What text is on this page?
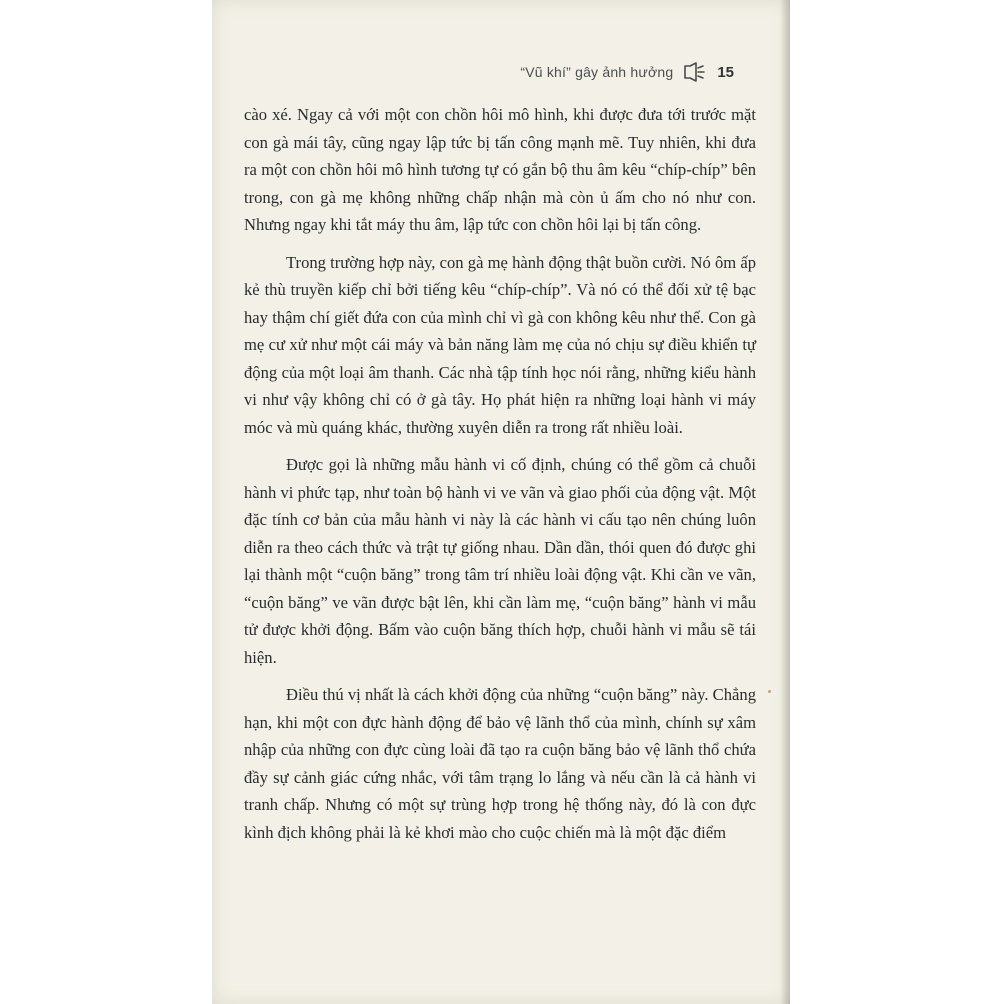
“Vũ khí” gây ảnh hưởng	15

cào xé. Ngay cả với một con chồn hôi mô hình, khi được đưa tới trước mặt con gà mái tây, cũng ngay lập tức bị tấn công mạnh mẽ. Tuy nhiên, khi đưa ra một con chồn hôi mô hình tương tự có gắn bộ thu âm kêu “chíp-chíp” bên trong, con gà mẹ không những chấp nhận mà còn ủ ấm cho nó như con. Nhưng ngay khi tắt máy thu âm, lập tức con chồn hôi lại bị tấn công.

Trong trường hợp này, con gà mẹ hành động thật buồn cười. Nó ôm ấp kẻ thù truyền kiếp chỉ bởi tiếng kêu “chíp-chíp”. Và nó có thể đối xử tệ bạc hay thậm chí giết đứa con của mình chỉ vì gà con không kêu như thế. Con gà mẹ cư xử như một cái máy và bản năng làm mẹ của nó chịu sự điều khiển tự động của một loại âm thanh. Các nhà tập tính học nói rằng, những kiểu hành vi như vậy không chỉ có ở gà tây. Họ phát hiện ra những loại hành vi máy móc và mù quáng khác, thường xuyên diễn ra trong rất nhiều loài.

Được gọi là những mẫu hành vi cố định, chúng có thể gồm cả chuỗi hành vi phức tạp, như toàn bộ hành vi ve vãn và giao phối của động vật. Một đặc tính cơ bản của mẫu hành vi này là các hành vi cấu tạo nên chúng luôn diễn ra theo cách thức và trật tự giống nhau. Dần dần, thói quen đó được ghi lại thành một “cuộn băng” trong tâm trí nhiều loài động vật. Khi cần ve vãn, “cuộn băng” ve vãn được bật lên, khi cần làm mẹ, “cuộn băng” hành vi mẫu tử được khởi động. Bấm vào cuộn băng thích hợp, chuỗi hành vi mẫu sẽ tái hiện.

Điều thú vị nhất là cách khởi động của những “cuộn băng” này. Chẳng hạn, khi một con đực hành động để bảo vệ lãnh thổ của mình, chính sự xâm nhập của những con đực cùng loài đã tạo ra cuộn băng bảo vệ lãnh thổ chứa đầy sự cảnh giác cứng nhắc, với tâm trạng lo lắng và nếu cần là cả hành vi tranh chấp. Nhưng có một sự trùng hợp trong hệ thống này, đó là con đực kình địch không phải là kẻ khơi mào cho cuộc chiến mà là một đặc điểm
